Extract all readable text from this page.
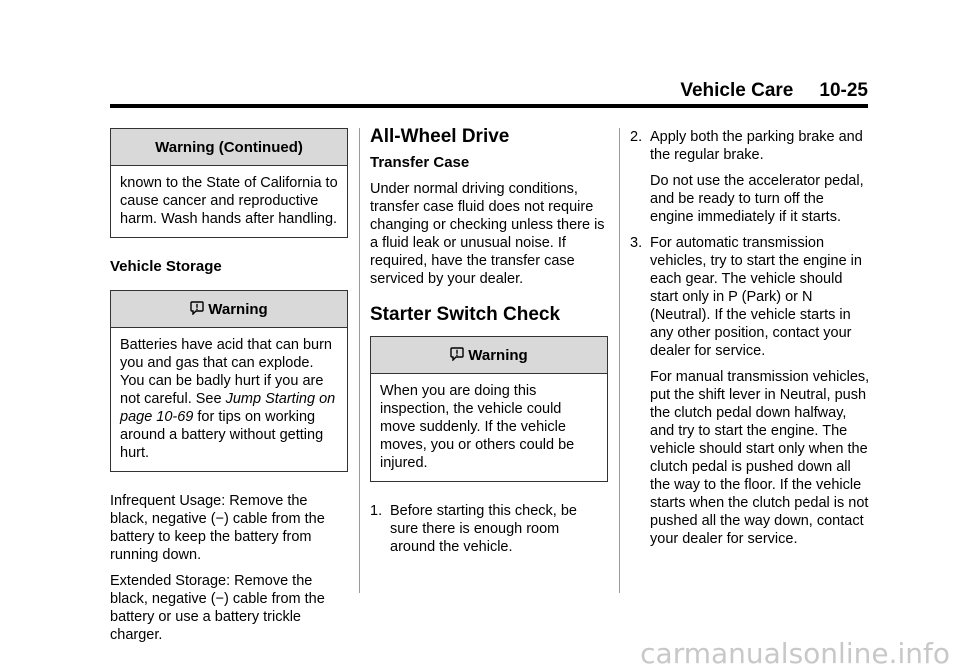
Vehicle Care 10-25
Warning (Continued)
known to the State of California to cause cancer and reproductive harm. Wash hands after handling.
Vehicle Storage
Warning
Batteries have acid that can burn you and gas that can explode. You can be badly hurt if you are not careful. See Jump Starting on page 10-69 for tips on working around a battery without getting hurt.

Infrequent Usage: Remove the black, negative (−) cable from the battery to keep the battery from running down.

Extended Storage: Remove the black, negative (−) cable from the battery or use a battery trickle charger.

All-Wheel Drive
Transfer Case

Under normal driving conditions, transfer case fluid does not require changing or checking unless there is a fluid leak or unusual noise. If required, have the transfer case serviced by your dealer.

Starter Switch Check
Warning
When you are doing this inspection, the vehicle could move suddenly. If the vehicle moves, you or others could be injured.
1. Before starting this check, be sure there is enough room around the vehicle.
2. Apply both the parking brake and the regular brake.

Do not use the accelerator pedal, and be ready to turn off the engine immediately if it starts.

3. For automatic transmission vehicles, try to start the engine in each gear. The vehicle should start only in P (Park) or N (Neutral). If the vehicle starts in any other position, contact your dealer for service.

For manual transmission vehicles, put the shift lever in Neutral, push the clutch pedal down halfway, and try to start the engine. The vehicle should start only when the clutch pedal is pushed down all the way to the floor. If the vehicle starts when the clutch pedal is not pushed all the way down, contact your dealer for service.

carmanualsonline.info
